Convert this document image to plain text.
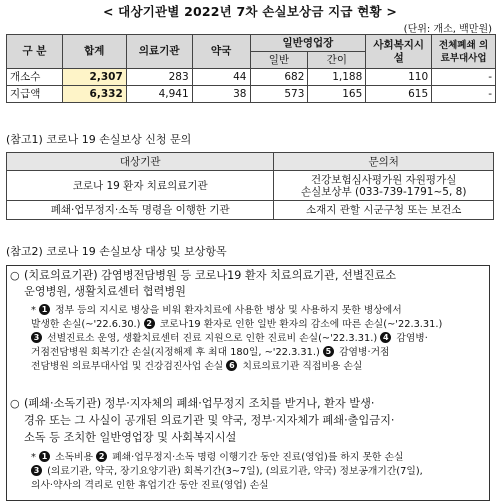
< 대상기관별 2022년 7차 손실보상금 지급 현황 >
(단위: 개소, 백만원)
구 분	합계	의료기관	약국	일반영업장		사회복지시설	전체폐쇄 의료부대사업
				일반	간이		
개소수	2,307	283	44	682	1,188	110	-
지급액	6,332	4,941	38	573	165	615	-
(참고1) 코로나 19 손실보상 신청 문의
대상기관	문의처
코로나 19 환자 치료의료기관	건강보험심사평가원 자원평가실
손실보상부 (033-739-1791~5, 8)

폐쇄·업무정지·소독 명령을 이행한 기관	소재지 관할 시군구청 또는 보건소
(참고2) 코로나 19 손실보상 대상 및 보상항목
○ (치료의료기관) 감염병전담병원 등 코로나19 환자 치료의료기관, 선별진료소
운영병원, 생활치료센터 협력병원
* 1 정부 등의 지시로 병상을 비워 환자치료에 사용한 병상 및 사용하지 못한 병상에서
발생한 손실(~'22.6.30.) 2 코로나19 환자로 인한 일반 환자의 감소에 따른 손실(~'22.3.31.)
3 선별진료소 운영, 생활치료센터 진료 지원으로 인한 진료비 손실(~'22.3.31.) 4 감염병·
거점전담병원 회복기간 손실(지정해제 후 최대 180일, ~'22.3.31.) 5 감염병·거점
전담병원 의료부대사업 및 건강검진사업 손실 6 치료의료기관 직접비용 손실
○ (폐쇄·소독기관) 정부·지자체의 폐쇄·업무정지 조치를 받거나, 환자 발생·
경유 또는 그 사실이 공개된 의료기관 및 약국, 정부·지자체가 폐쇄·출입금지·
소독 등 조치한 일반영업장 및 사회복지시설
* 1 소독비용 2 폐쇄·업무정지·소독 명령 이행기간 동안 진료(영업)를 하지 못한 손실
3 (의료기관, 약국, 장기요양기관) 회복기간(3~7일), (의료기관, 약국) 정보공개기간(7일),
의사·약사의 격리로 인한 휴업기간 동안 진료(영업) 손실
